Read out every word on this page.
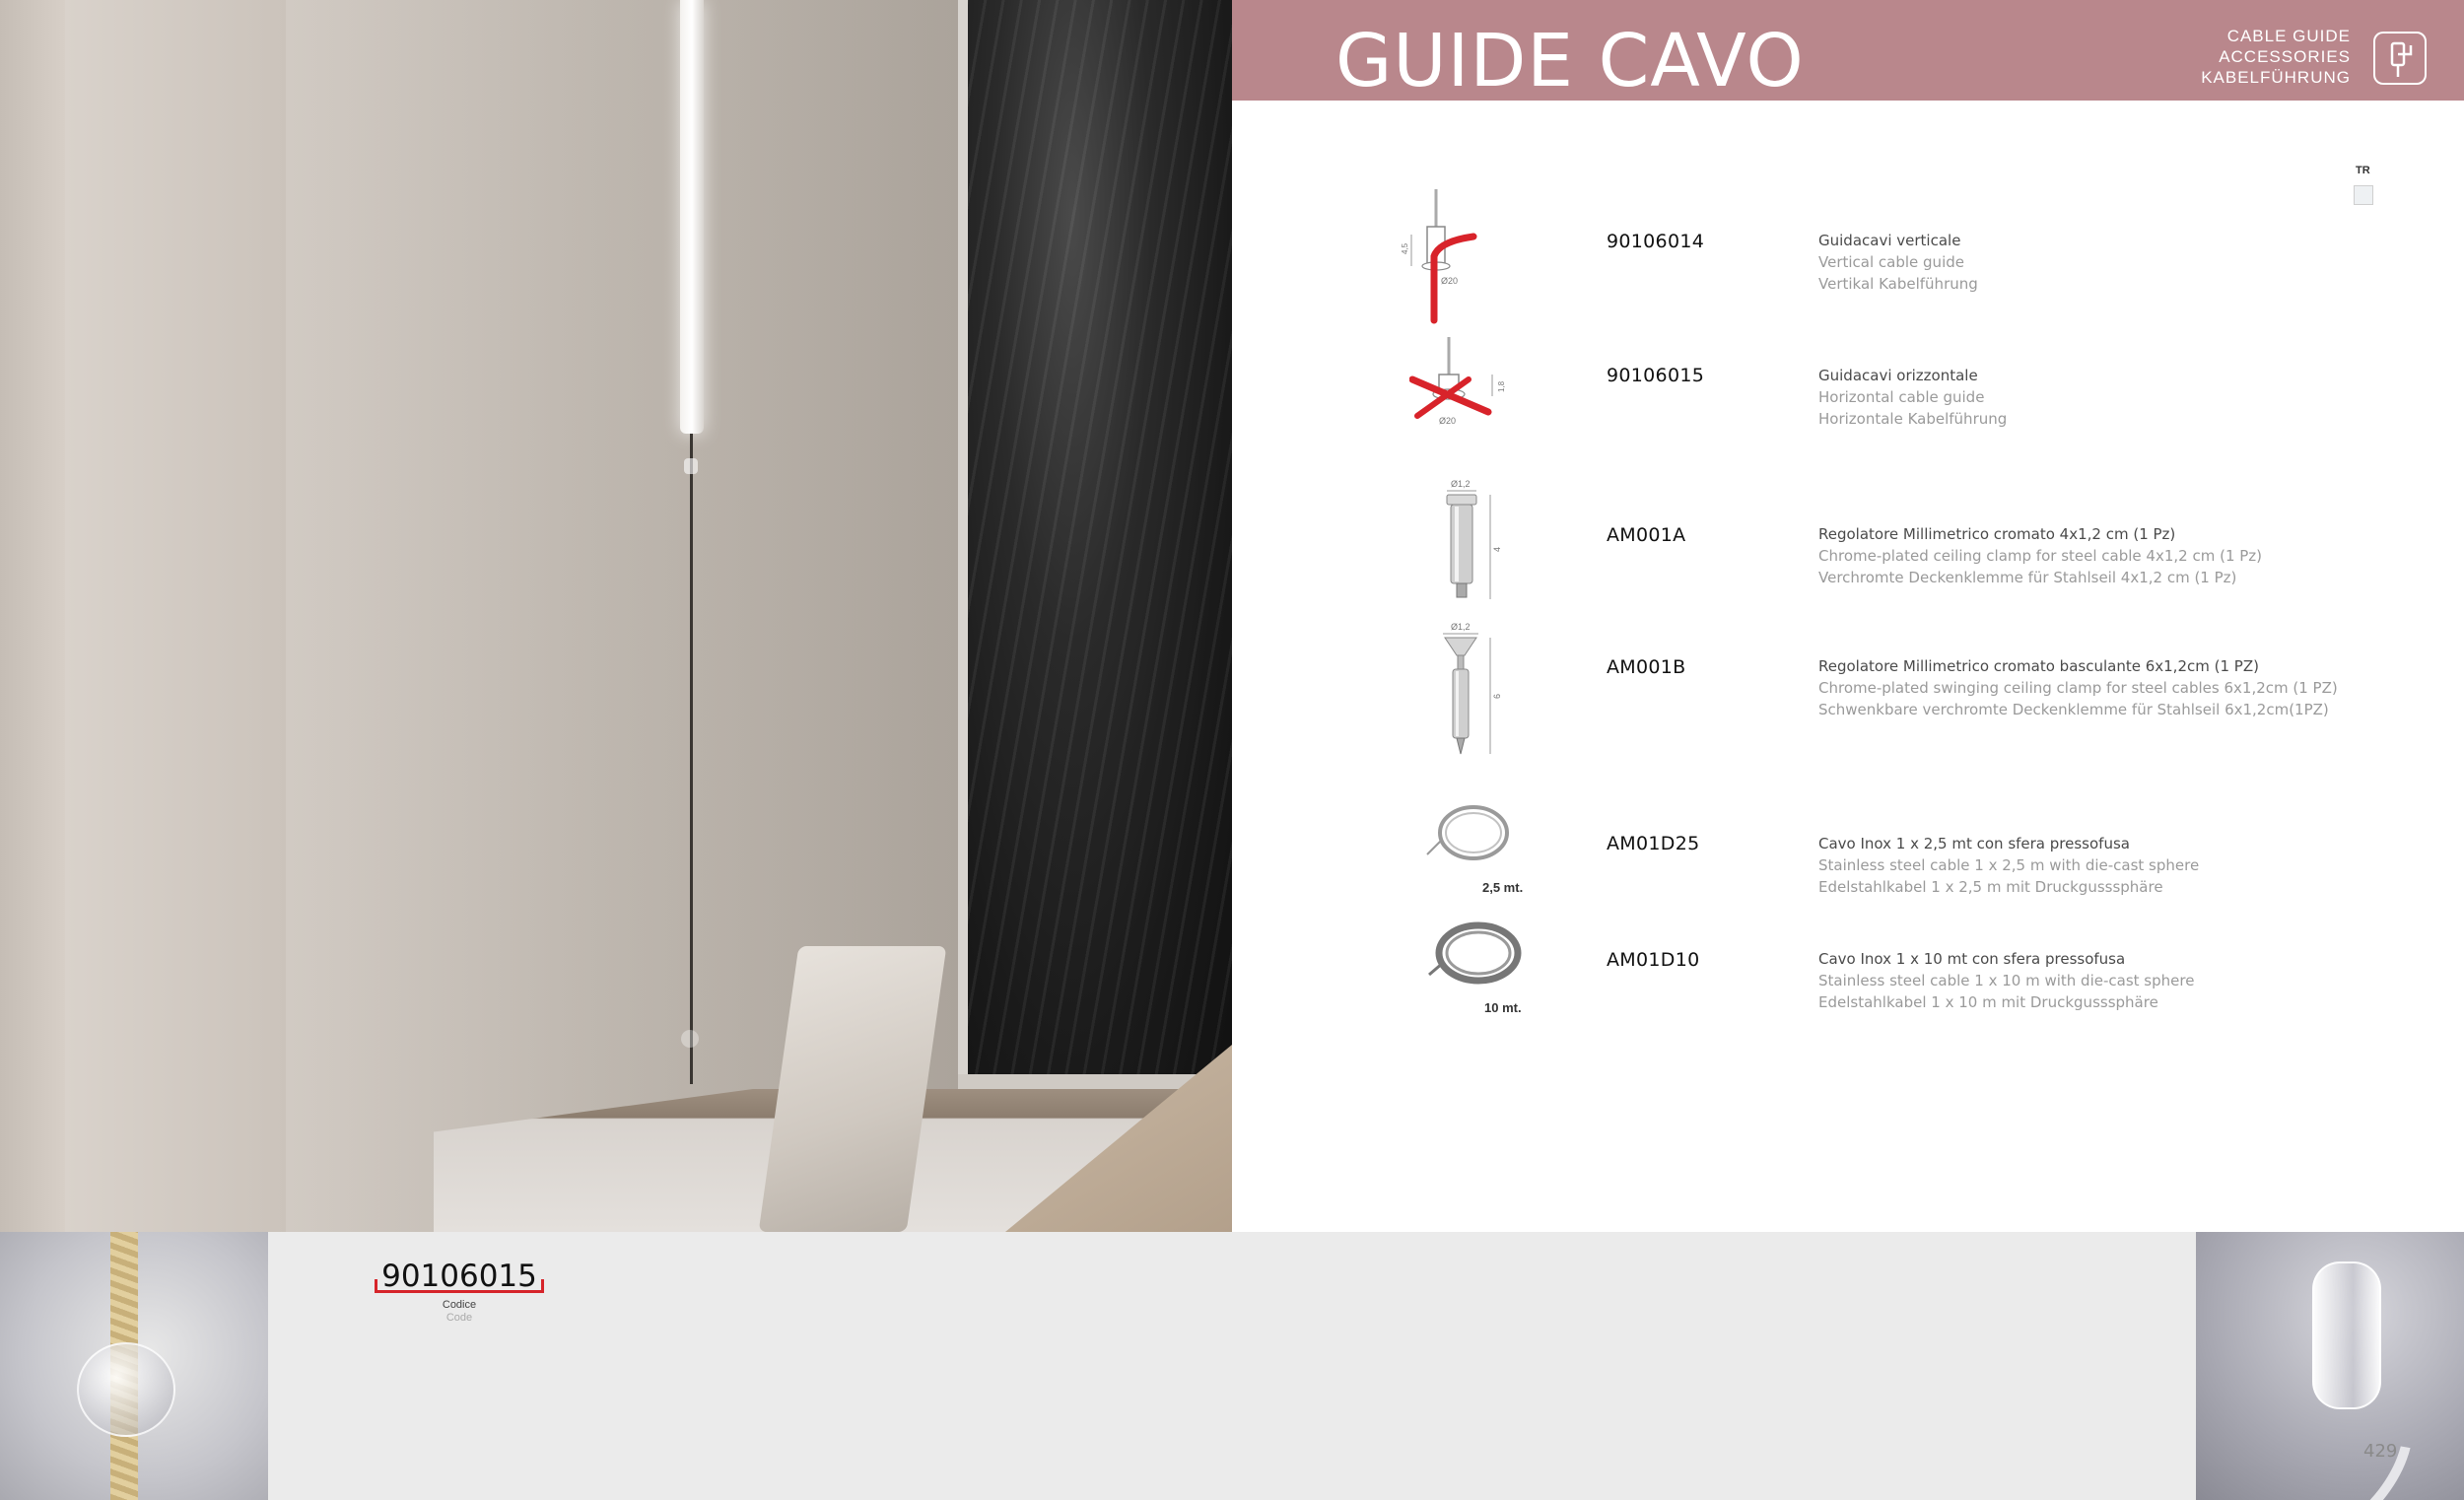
GUIDE CAVO	CABLE GUIDE
ACCESSORIES
KABELFÜHRUNG
TR
4,5
Ø20
90106014	Guidacavi verticale
Vertical cable guide
Vertikal Kabelführung
Ø20
1,8
90106015	Guidacavi orizzontale
Horizontal cable guide
Horizontale Kabelführung
Ø1,2
4
AM001A	Regolatore Millimetrico cromato 4x1,2 cm (1 Pz)
Chrome-plated ceiling clamp for steel cable 4x1,2 cm (1 Pz)
Verchromte Deckenklemme für Stahlseil 4x1,2 cm (1 Pz)
Ø1,2
6
AM001B	Regolatore Millimetrico cromato basculante 6x1,2cm (1 PZ)
Chrome-plated swinging ceiling clamp for steel cables 6x1,2cm (1 PZ)
Schwenkbare verchromte Deckenklemme für Stahlseil 6x1,2cm(1PZ)
2,5 mt.
AM01D25	Cavo Inox 1 x 2,5 mt con sfera pressofusa
Stainless steel cable 1 x 2,5 m with die-cast sphere
Edelstahlkabel 1 x 2,5 m mit Druckgusssphäre
10 mt.
AM01D10	Cavo Inox 1 x 10 mt con sfera pressofusa
Stainless steel cable 1 x 10 m with die-cast sphere
Edelstahlkabel 1 x 10 m mit Druckgusssphäre
90106015
Codice
Code
429
